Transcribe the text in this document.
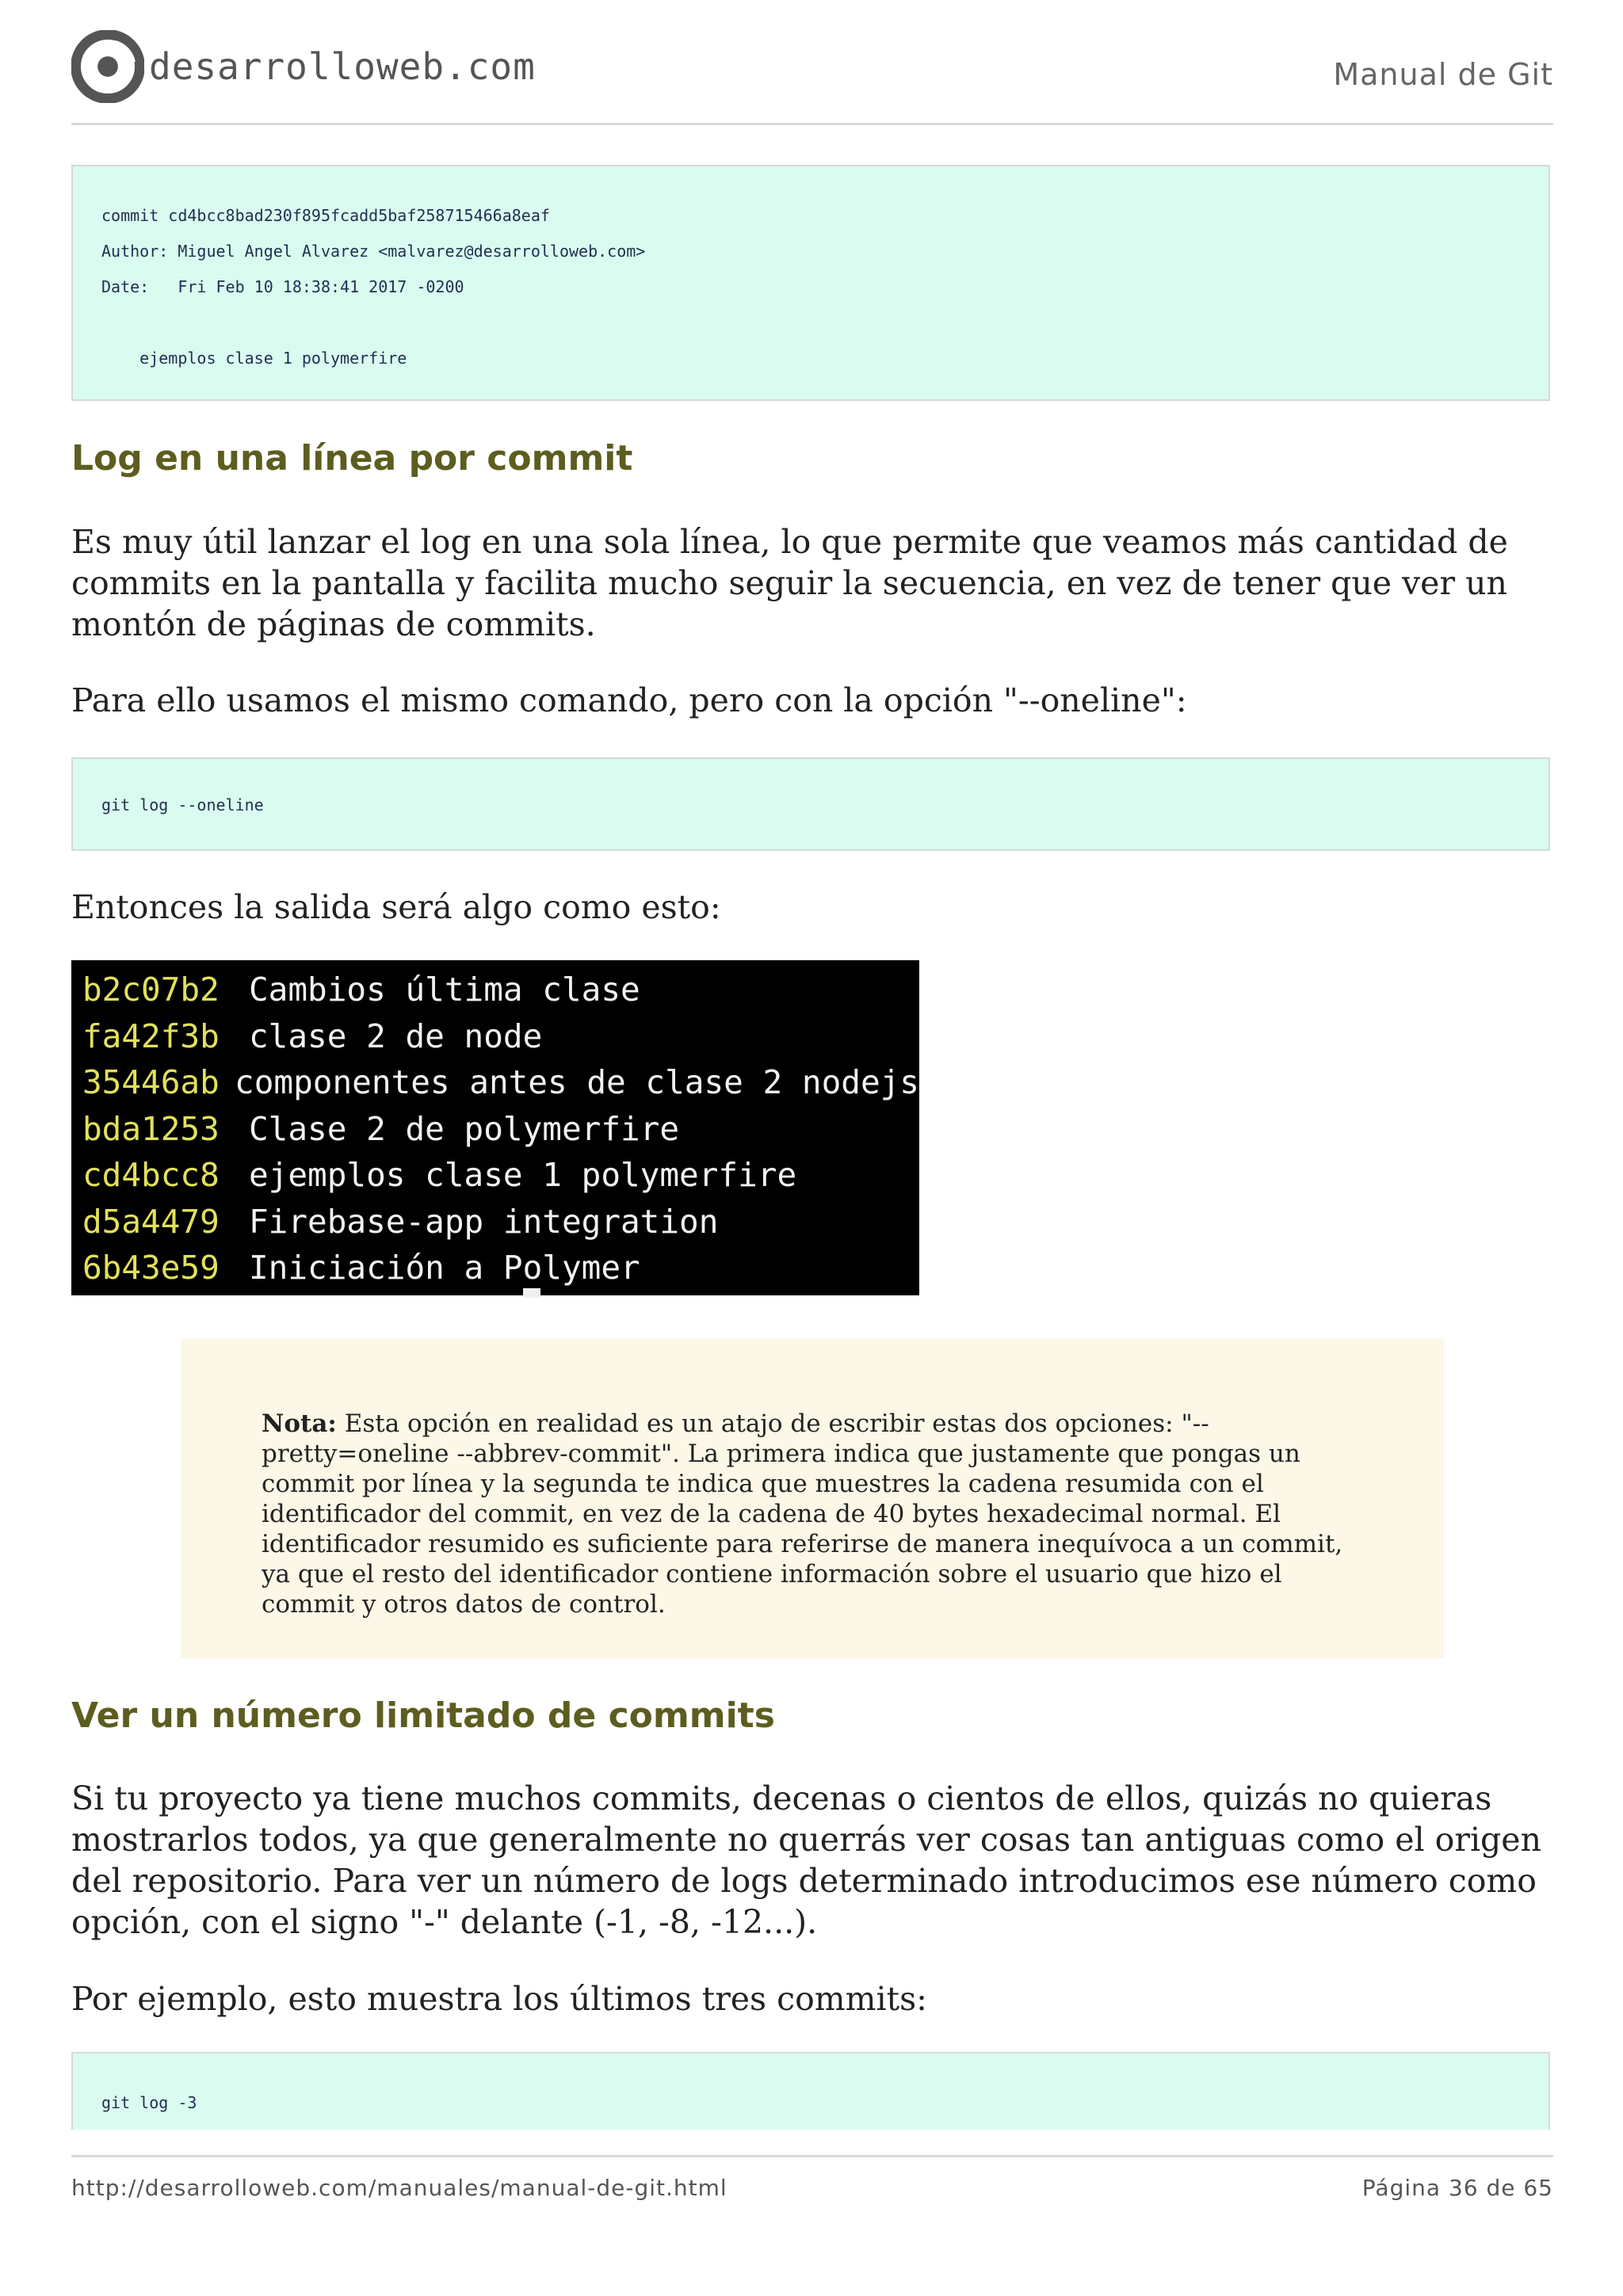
desarrolloweb.com	Manual de Git
commit cd4bcc8bad230f895fcadd5baf258715466a8eaf
Author: Miguel Angel Alvarez <malvarez@desarrolloweb.com>
Date:   Fri Feb 10 18:38:41 2017 -0200
ejemplos clase 1 polymerfire
Log en una línea por commit

Es muy útil lanzar el log en una sola línea, lo que permite que veamos más cantidad de commits en la pantalla y facilita mucho seguir la secuencia, en vez de tener que ver un montón de páginas de commits.

Para ello usamos el mismo comando, pero con la opción "--oneline":

git log --oneline

Entonces la salida será algo como esto:

b2c07b2 Cambios última clase
fa42f3b clase 2 de node
35446ab componentes antes de clase 2 nodejs
bda1253 Clase 2 de polymerfire
cd4bcc8 ejemplos clase 1 polymerfire
d5a4479 Firebase-app integration
6b43e59 Iniciación a Polymer

Nota: Esta opción en realidad es un atajo de escribir estas dos opciones: "--pretty=oneline --abbrev-commit". La primera indica que justamente que pongas un commit por línea y la segunda te indica que muestres la cadena resumida con el identificador del commit, en vez de la cadena de 40 bytes hexadecimal normal. El identificador resumido es suficiente para referirse de manera inequívoca a un commit, ya que el resto del identificador contiene información sobre el usuario que hizo el commit y otros datos de control.

Ver un número limitado de commits

Si tu proyecto ya tiene muchos commits, decenas o cientos de ellos, quizás no quieras mostrarlos todos, ya que generalmente no querrás ver cosas tan antiguas como el origen del repositorio. Para ver un número de logs determinado introducimos ese número como opción, con el signo "-" delante (-1, -8, -12...).

Por ejemplo, esto muestra los últimos tres commits:

git log -3
http://desarrolloweb.com/manuales/manual-de-git.html	Página 36 de 65
